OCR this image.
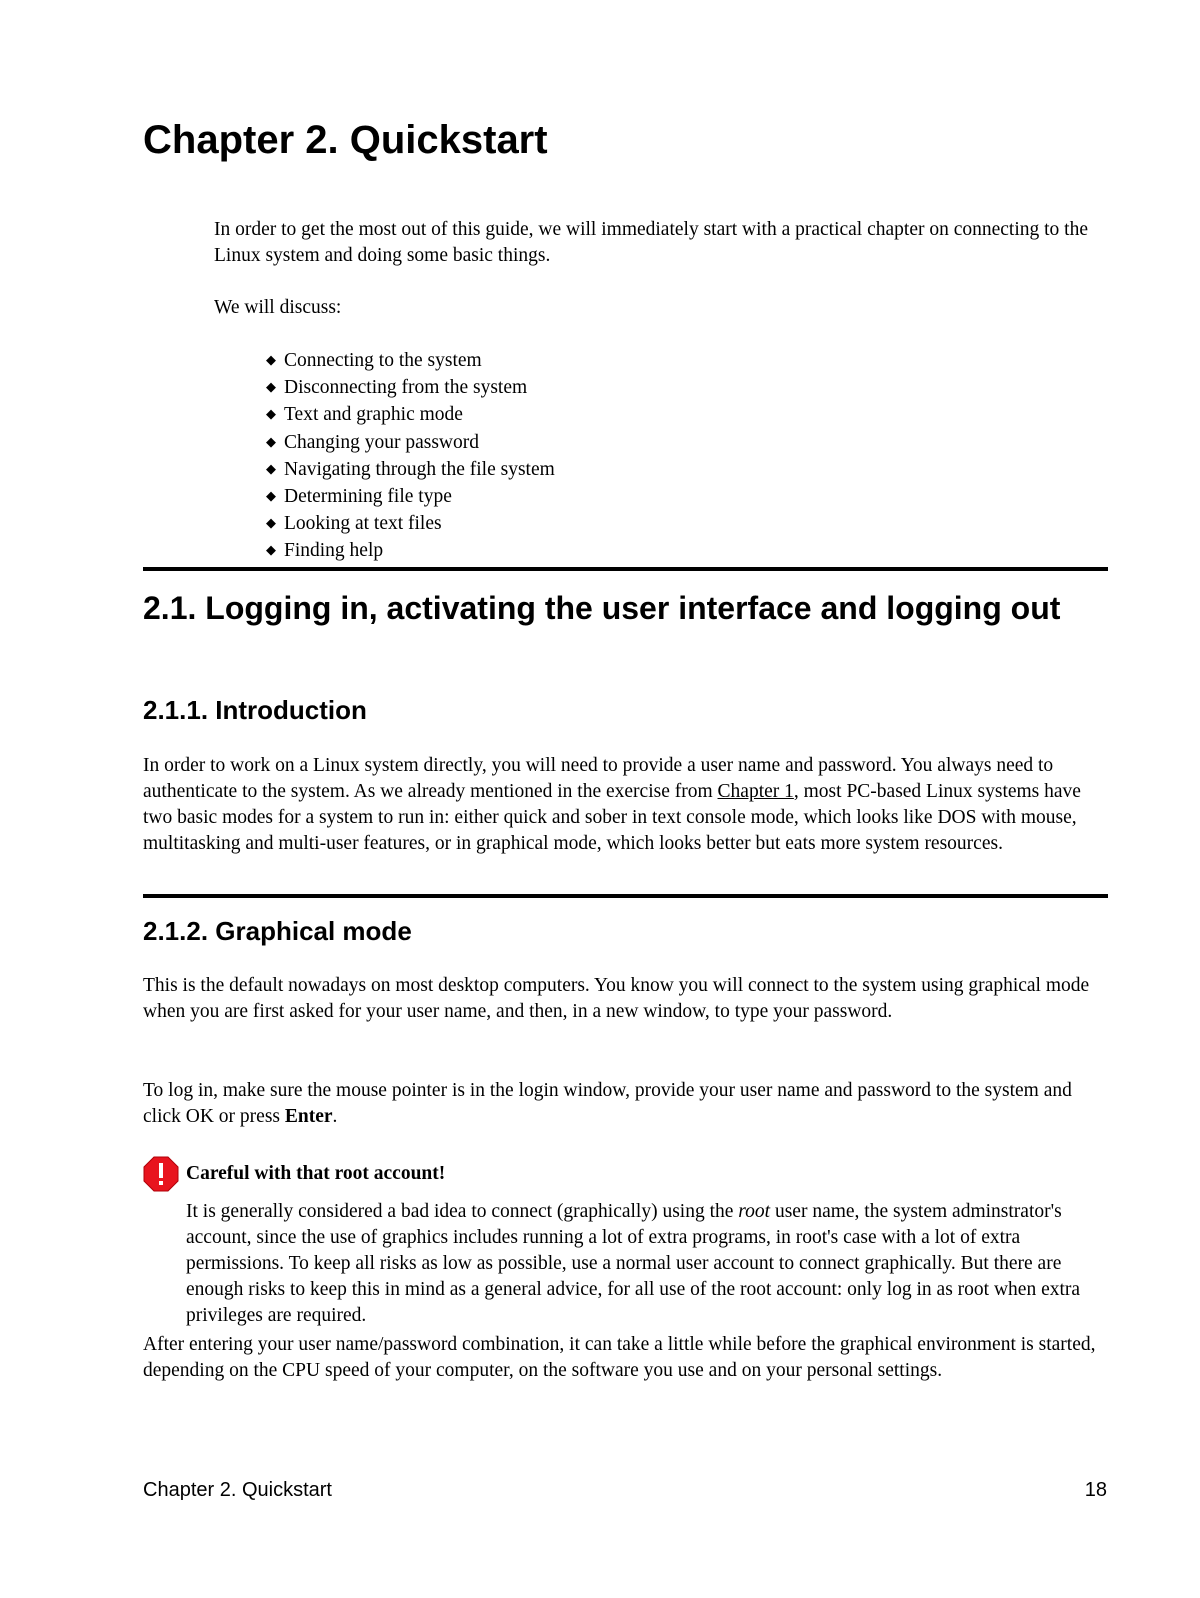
Chapter 2. Quickstart

In order to get the most out of this guide, we will immediately start with a practical chapter on connecting to the Linux system and doing some basic things.

We will discuss:

◆ Connecting to the system
◆ Disconnecting from the system
◆ Text and graphic mode
◆ Changing your password
◆ Navigating through the file system
◆ Determining file type
◆ Looking at text files
◆ Finding help
2.1. Logging in, activating the user interface and logging out
2.1.1. Introduction

In order to work on a Linux system directly, you will need to provide a user name and password. You always need to authenticate to the system. As we already mentioned in the exercise from Chapter 1, most PC-based Linux systems have two basic modes for a system to run in: either quick and sober in text console mode, which looks like DOS with mouse, multitasking and multi-user features, or in graphical mode, which looks better but eats more system resources.

2.1.2. Graphical mode

This is the default nowadays on most desktop computers. You know you will connect to the system using graphical mode when you are first asked for your user name, and then, in a new window, to type your password.

To log in, make sure the mouse pointer is in the login window, provide your user name and password to the system and click OK or press Enter.

Careful with that root account!

It is generally considered a bad idea to connect (graphically) using the root user name, the system adminstrator's account, since the use of graphics includes running a lot of extra programs, in root's case with a lot of extra permissions. To keep all risks as low as possible, use a normal user account to connect graphically. But there are enough risks to keep this in mind as a general advice, for all use of the root account: only log in as root when extra privileges are required.

After entering your user name/password combination, it can take a little while before the graphical environment is started, depending on the CPU speed of your computer, on the software you use and on your personal settings.

Chapter 2. Quickstart	18
